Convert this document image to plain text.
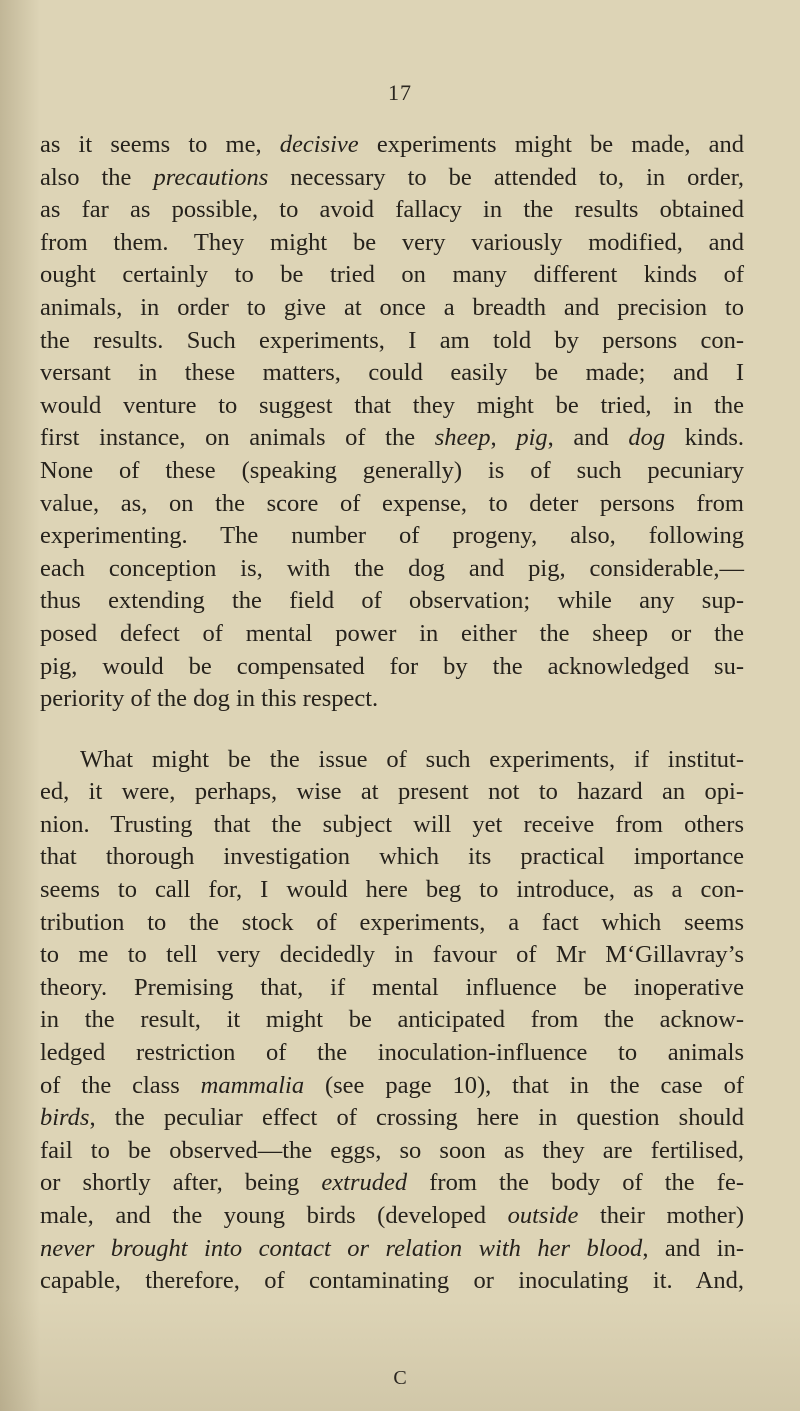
17
as it seems to me, decisive experiments might be made, and
also the precautions necessary to be attended to, in order,
as far as possible, to avoid fallacy in the results obtained
from them. They might be very variously modified, and
ought certainly to be tried on many different kinds of
animals, in order to give at once a breadth and precision to
the results. Such experiments, I am told by persons con-
versant in these matters, could easily be made; and I
would venture to suggest that they might be tried, in the
first instance, on animals of the sheep, pig, and dog kinds.
None of these (speaking generally) is of such pecuniary
value, as, on the score of expense, to deter persons from
experimenting. The number of progeny, also, following
each conception is, with the dog and pig, considerable,—
thus extending the field of observation; while any sup-
posed defect of mental power in either the sheep or the
pig, would be compensated for by the acknowledged su-
periority of the dog in this respect.
What might be the issue of such experiments, if institut-
ed, it were, perhaps, wise at present not to hazard an opi-
nion. Trusting that the subject will yet receive from others
that thorough investigation which its practical importance
seems to call for, I would here beg to introduce, as a con-
tribution to the stock of experiments, a fact which seems
to me to tell very decidedly in favour of Mr M‘Gillavray’s
theory. Premising that, if mental influence be inoperative
in the result, it might be anticipated from the acknow-
ledged restriction of the inoculation-influence to animals
of the class mammalia (see page 10), that in the case of
birds, the peculiar effect of crossing here in question should
fail to be observed—the eggs, so soon as they are fertilised,
or shortly after, being extruded from the body of the fe-
male, and the young birds (developed outside their mother)
never brought into contact or relation with her blood, and in-
capable, therefore, of contaminating or inoculating it. And,
C
